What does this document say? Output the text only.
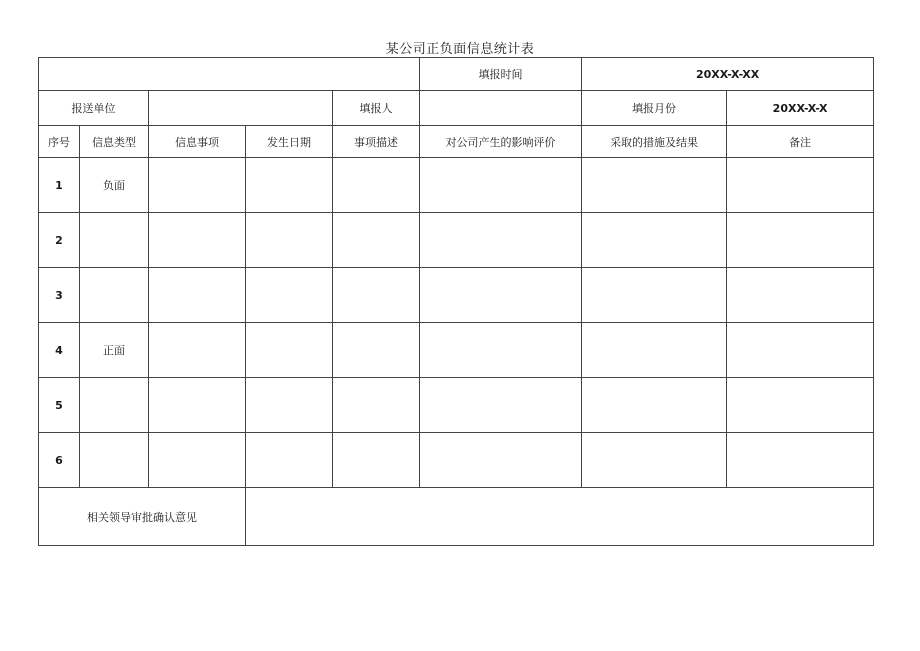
某公司正负面信息统计表
					填报时间	20XX-X-XX	
报送单位				填报人		填报月份	20XX-X-X
序号	信息类型	信息事项	发生日期	事项描述	对公司产生的影响评价	采取的措施及结果	备注
1	负面						
2							
3							
4	正面						
5							
6							
相关领导审批确认意见							
